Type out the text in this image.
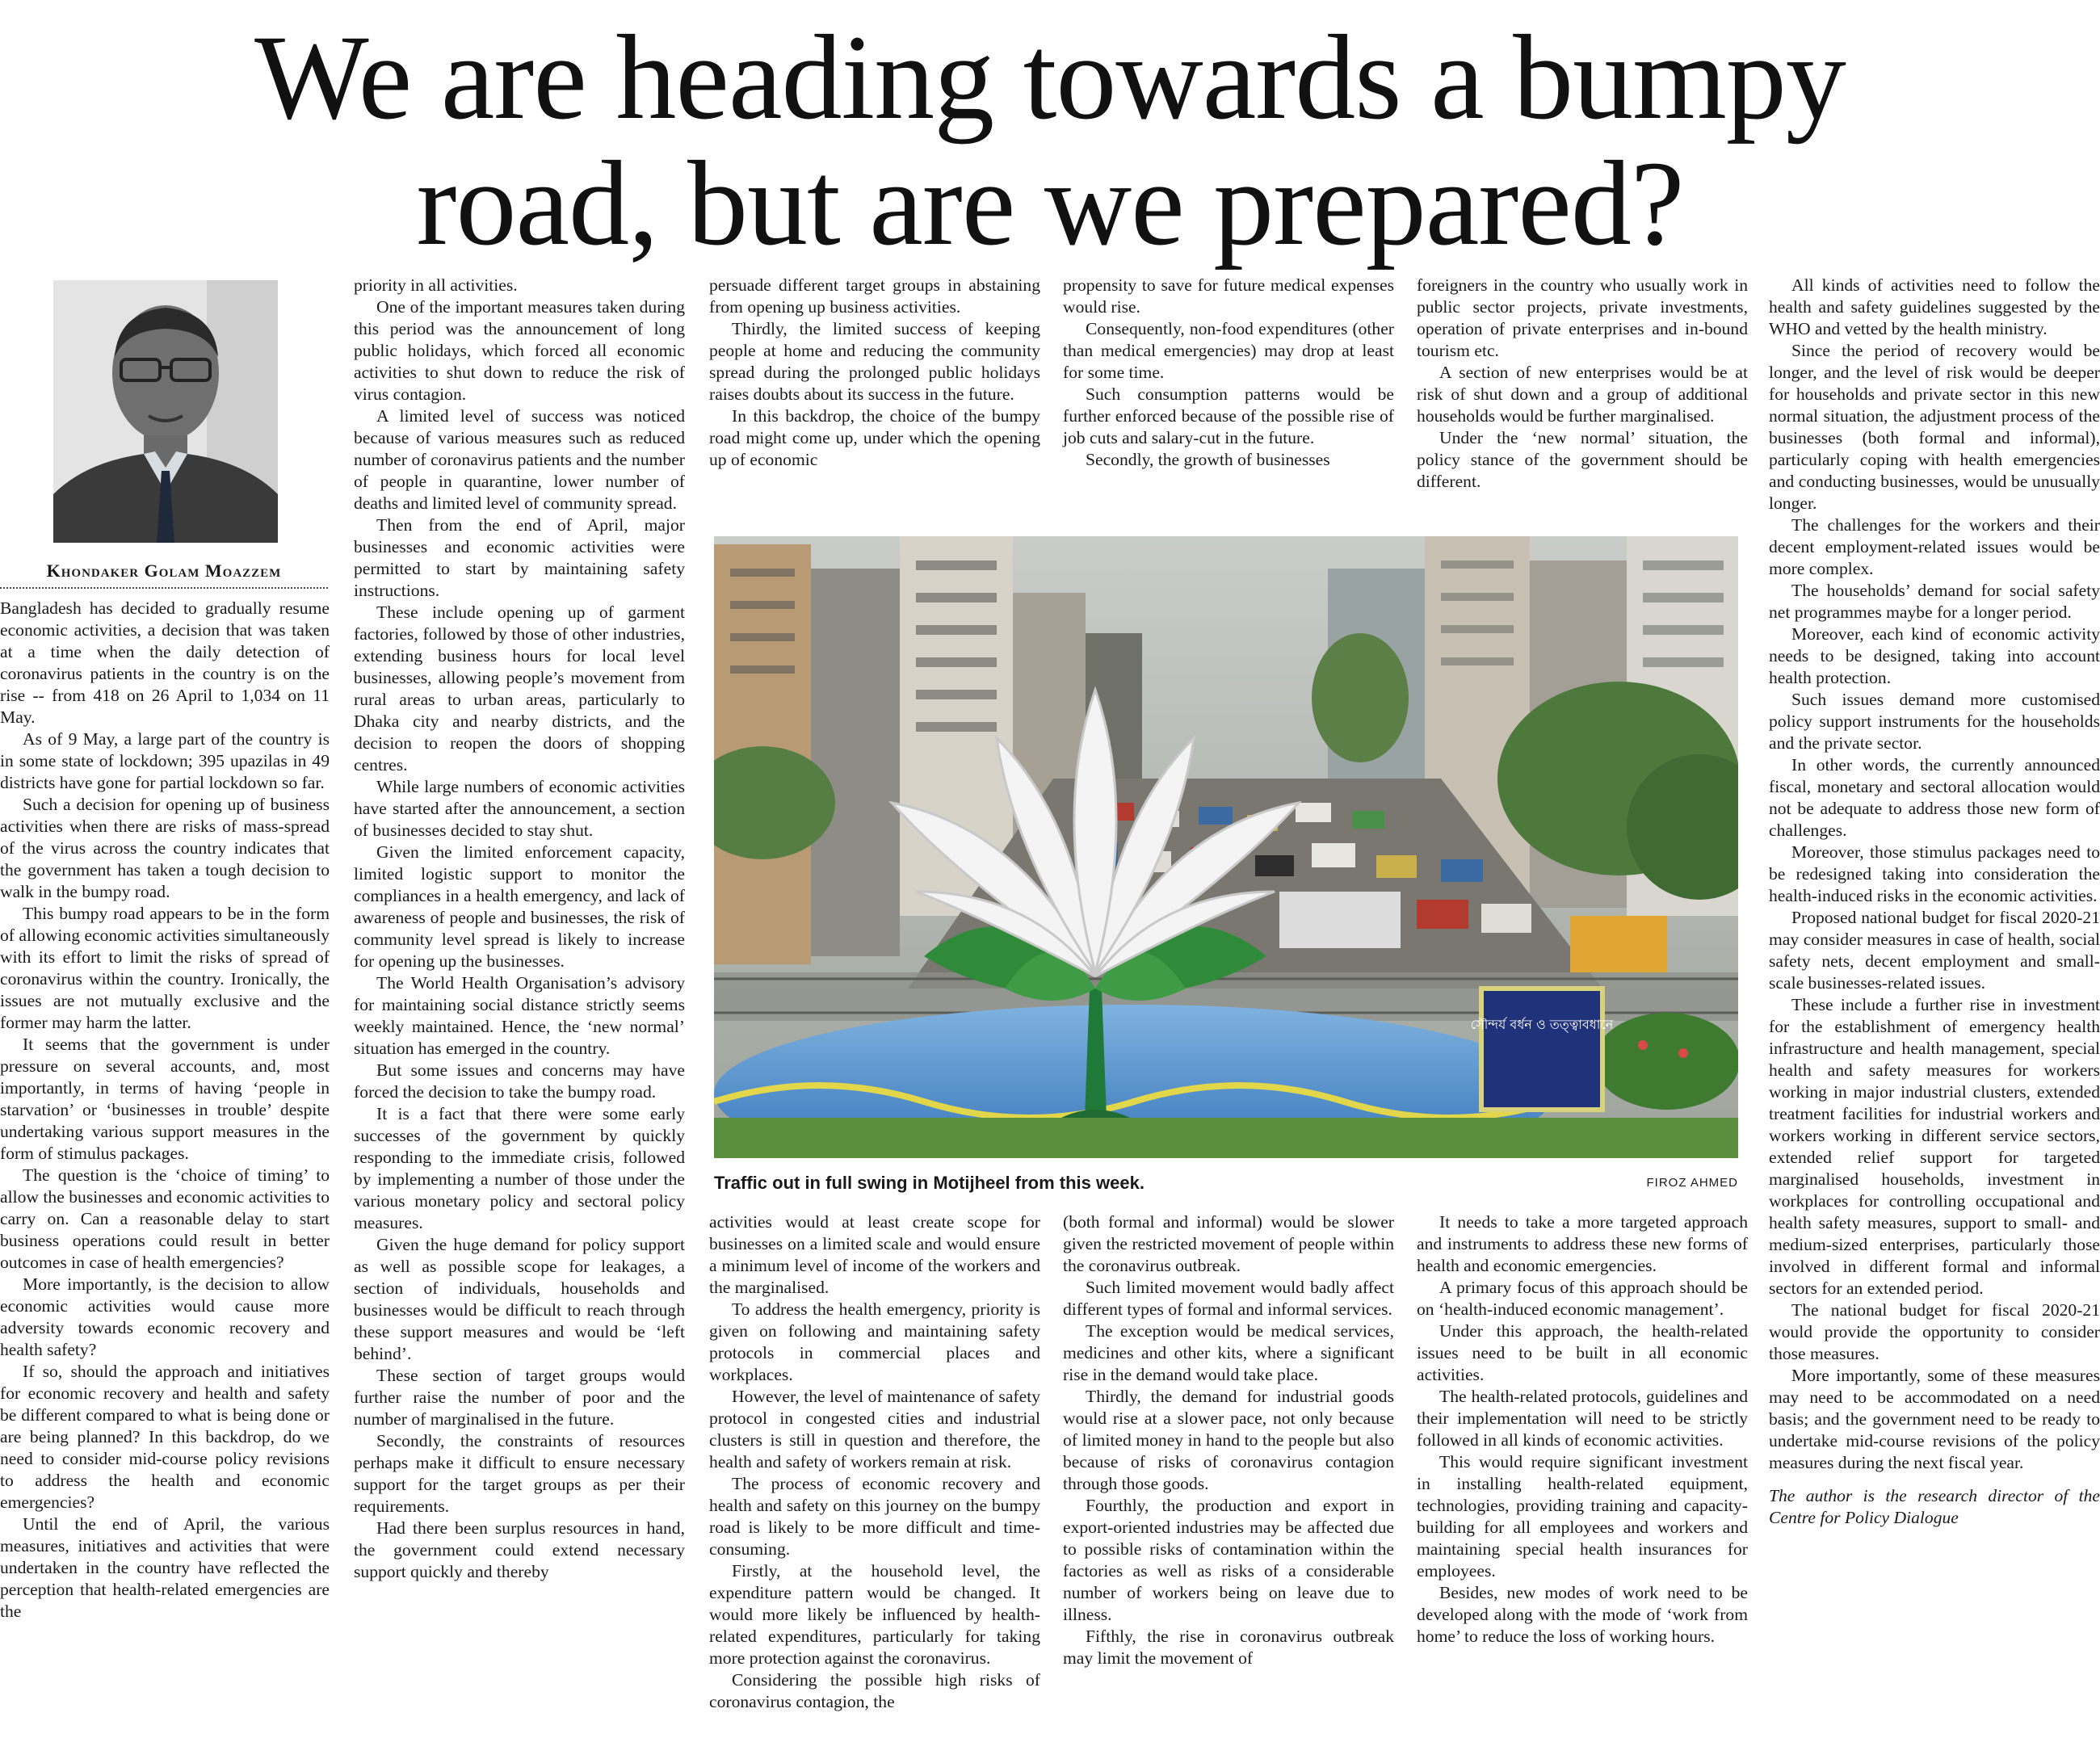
We are heading towards a bumpy
road, but are we prepared?
Khondaker Golam Moazzem

Bangladesh has decided to gradually resume economic activities, a decision that was taken at a time when the daily detection of coronavirus patients in the country is on the rise -- from 418 on 26 April to 1,034 on 11 May.

As of 9 May, a large part of the country is in some state of lockdown; 395 upazilas in 49 districts have gone for partial lockdown so far.

Such a decision for opening up of business activities when there are risks of mass-spread of the virus across the country indicates that the government has taken a tough decision to walk in the bumpy road.

This bumpy road appears to be in the form of allowing economic activities simultaneously with its effort to limit the risks of spread of coronavirus within the country. Ironically, the issues are not mutually exclusive and the former may harm the latter.

It seems that the government is under pressure on several accounts, and, most importantly, in terms of having ‘people in starvation’ or ‘businesses in trouble’ despite undertaking various support measures in the form of stimulus packages.

The question is the ‘choice of timing’ to allow the businesses and economic activities to carry on. Can a reasonable delay to start business operations could result in better outcomes in case of health emergencies?

More importantly, is the decision to allow economic activities would cause more adversity towards economic recovery and health safety?

If so, should the approach and initiatives for economic recovery and health and safety be different compared to what is being done or are being planned? In this backdrop, do we need to consider mid-course policy revisions to address the health and economic emergencies?

Until the end of April, the various measures, initiatives and activities that were undertaken in the country have reflected the perception that health-related emergencies are the

priority in all activities.

One of the important measures taken during this period was the announcement of long public holidays, which forced all economic activities to shut down to reduce the risk of virus contagion.

A limited level of success was noticed because of various measures such as reduced number of coronavirus patients and the number of people in quarantine, lower number of deaths and limited level of community spread.

Then from the end of April, major businesses and economic activities were permitted to start by maintaining safety instructions.

These include opening up of garment factories, followed by those of other industries, extending business hours for local level businesses, allowing people’s movement from rural areas to urban areas, particularly to Dhaka city and nearby districts, and the decision to reopen the doors of shopping centres.

While large numbers of economic activities have started after the announcement, a section of businesses decided to stay shut.

Given the limited enforcement capacity, limited logistic support to monitor the compliances in a health emergency, and lack of awareness of people and businesses, the risk of community level spread is likely to increase for opening up the businesses.

The World Health Organisation’s advisory for maintaining social distance strictly seems weekly maintained. Hence, the ‘new normal’ situation has emerged in the country.

But some issues and concerns may have forced the decision to take the bumpy road.

It is a fact that there were some early successes of the government by quickly responding to the immediate crisis, followed by implementing a number of those under the various monetary policy and sectoral policy measures.

Given the huge demand for policy support as well as possible scope for leakages, a section of individuals, households and businesses would be difficult to reach through these support measures and would be ‘left behind’.

These section of target groups would further raise the number of poor and the number of marginalised in the future.

Secondly, the constraints of resources perhaps make it difficult to ensure necessary support for the target groups as per their requirements.

Had there been surplus resources in hand, the government could extend necessary support quickly and thereby

persuade different target groups in abstaining from opening up business activities.

Thirdly, the limited success of keeping people at home and reducing the community spread during the prolonged public holidays raises doubts about its success in the future.

In this backdrop, the choice of the bumpy road might come up, under which the opening up of economic

propensity to save for future medical expenses would rise.

Consequently, non-food expenditures (other than medical emergencies) may drop at least for some time.

Such consumption patterns would be further enforced because of the possible rise of job cuts and salary-cut in the future.

Secondly, the growth of businesses

foreigners in the country who usually work in public sector projects, private investments, operation of private enterprises and in-bound tourism etc.

A section of new enterprises would be at risk of shut down and a group of additional households would be further marginalised.

Under the ‘new normal’ situation, the policy stance of the government should be different.

সৌন্দর্য বর্ধন ও তত্ত্বাবধানে
Traffic out in full swing in Motijheel from this week.	FIROZ AHMED

activities would at least create scope for businesses on a limited scale and would ensure a minimum level of income of the workers and the marginalised.

To address the health emergency, priority is given on following and maintaining safety protocols in commercial places and workplaces.

However, the level of maintenance of safety protocol in congested cities and industrial clusters is still in question and therefore, the health and safety of workers remain at risk.

The process of economic recovery and health and safety on this journey on the bumpy road is likely to be more difficult and time-consuming.

Firstly, at the household level, the expenditure pattern would be changed. It would more likely be influenced by health-related expenditures, particularly for taking more protection against the coronavirus.

Considering the possible high risks of coronavirus contagion, the

(both formal and informal) would be slower given the restricted movement of people within the coronavirus outbreak.

Such limited movement would badly affect different types of formal and informal services.

The exception would be medical services, medicines and other kits, where a significant rise in the demand would take place.

Thirdly, the demand for industrial goods would rise at a slower pace, not only because of limited money in hand to the people but also because of risks of coronavirus contagion through those goods.

Fourthly, the production and export in export-oriented industries may be affected due to possible risks of contamination within the factories as well as risks of a considerable number of workers being on leave due to illness.

Fifthly, the rise in coronavirus outbreak may limit the movement of

It needs to take a more targeted approach and instruments to address these new forms of health and economic emergencies.

A primary focus of this approach should be on ‘health-induced economic management’.

Under this approach, the health-related issues need to be built in all economic activities.

The health-related protocols, guidelines and their implementation will need to be strictly followed in all kinds of economic activities.

This would require significant investment in installing health-related equipment, technologies, providing training and capacity-building for all employees and workers and maintaining special health insurances for employees.

Besides, new modes of work need to be developed along with the mode of ‘work from home’ to reduce the loss of working hours.

All kinds of activities need to follow the health and safety guidelines suggested by the WHO and vetted by the health ministry.

Since the period of recovery would be longer, and the level of risk would be deeper for households and private sector in this new normal situation, the adjustment process of the businesses (both formal and informal), particularly coping with health emergencies and conducting businesses, would be unusually longer.

The challenges for the workers and their decent employment-related issues would be more complex.

The households’ demand for social safety net programmes maybe for a longer period.

Moreover, each kind of economic activity needs to be designed, taking into account health protection.

Such issues demand more customised policy support instruments for the households and the private sector.

In other words, the currently announced fiscal, monetary and sectoral allocation would not be adequate to address those new form of challenges.

Moreover, those stimulus packages need to be redesigned taking into consideration the health-induced risks in the economic activities.

Proposed national budget for fiscal 2020-21 may consider measures in case of health, social safety nets, decent employment and small-scale businesses-related issues.

These include a further rise in investment for the establishment of emergency health infrastructure and health management, special health and safety measures for workers working in major industrial clusters, extended treatment facilities for industrial workers and workers working in different service sectors, extended relief support for targeted marginalised households, investment in workplaces for controlling occupational and health safety measures, support to small- and medium-sized enterprises, particularly those involved in different formal and informal sectors for an extended period.

The national budget for fiscal 2020-21 would provide the opportunity to consider those measures.

More importantly, some of these measures may need to be accommodated on a need basis; and the government need to be ready to undertake mid-course revisions of the policy measures during the next fiscal year.

The author is the research director of the Centre for Policy Dialogue
